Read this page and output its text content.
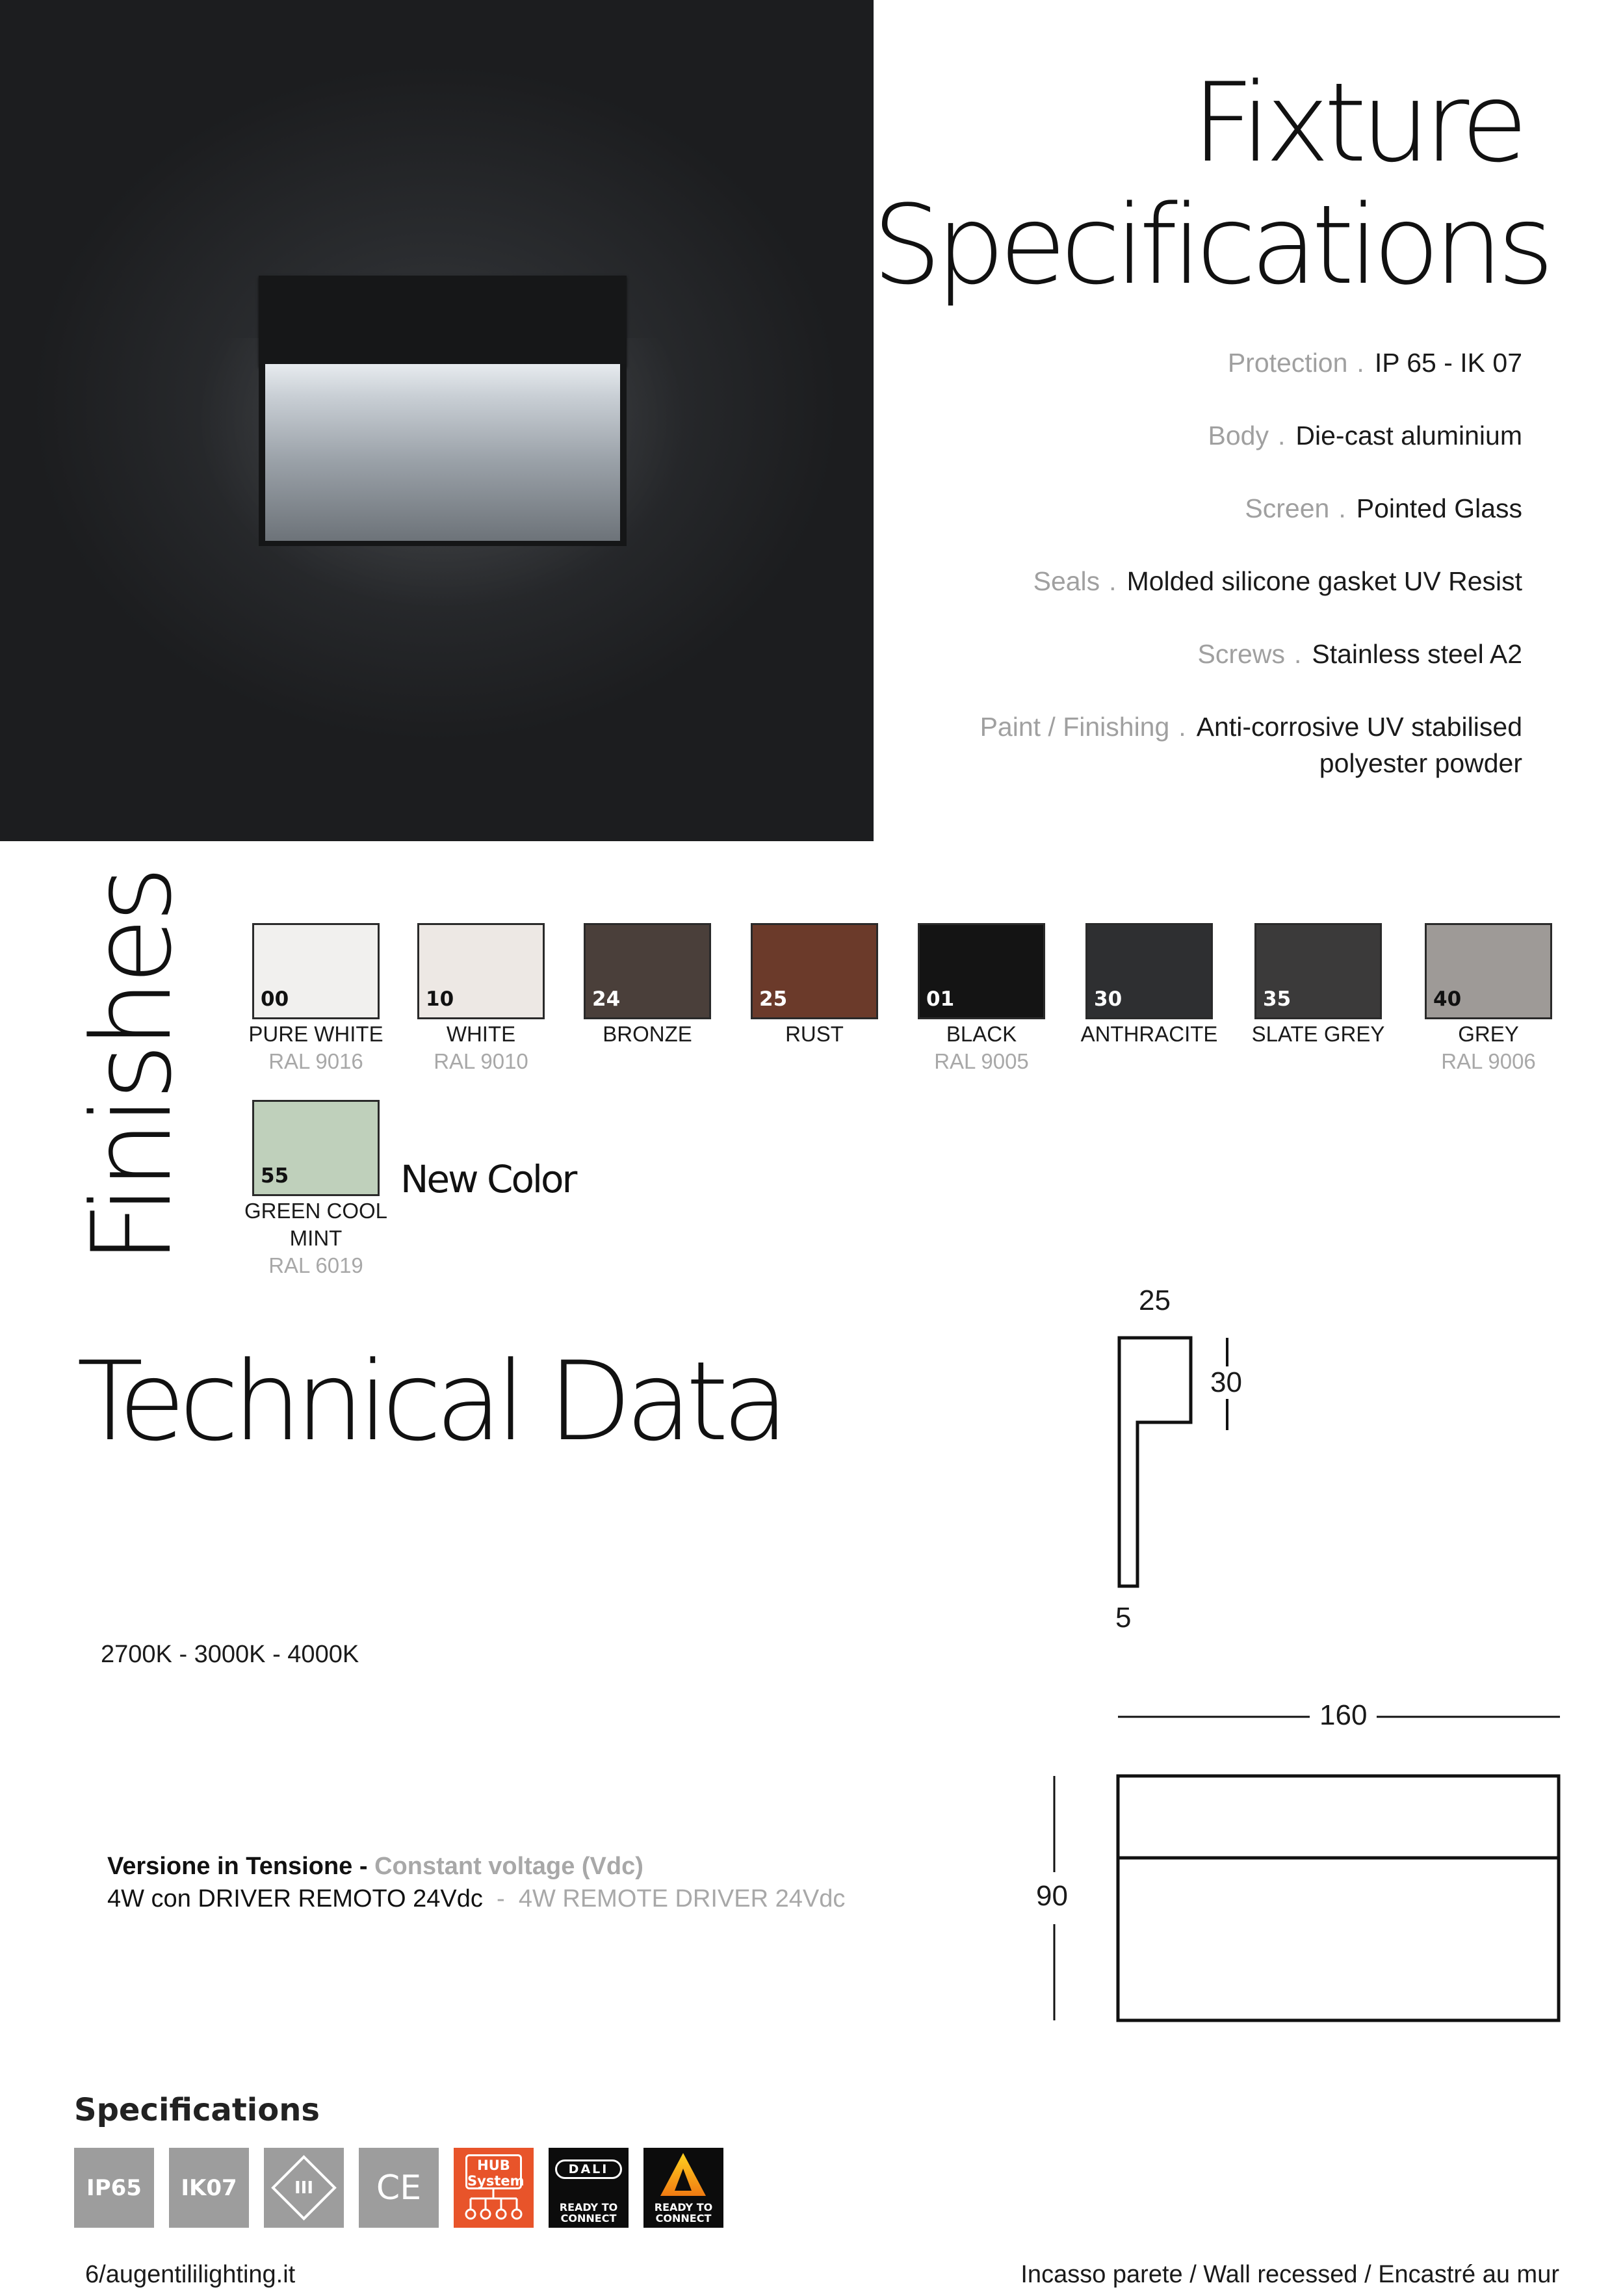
Fixture
Specifications
Protection . IP 65 - IK 07
Body . Die-cast aluminium
Screen . Pointed Glass
Seals . Molded silicone gasket UV Resist
Screws . Stainless steel A2
Paint / Finishing . Anti-corrosive UV stabilised
polyester powder
Finishes	00
PURE WHITE
RAL 9016
10
WHITE
RAL 9010
24
BRONZE
25
RUST
01
BLACK
RAL 9005
30
ANTHRACITE
35
SLATE GREY
40
GREY
RAL 9006
55
GREEN COOL
MINT
RAL 6019
New Color
Technical Data
2700K - 3000K - 4000K
Versione in Tensione - Constant voltage (Vdc)
4W con DRIVER REMOTO 24Vdc - 4W REMOTE DRIVER 24Vdc
25
30
5
160
90
Specifications
IP65 IK07	III CE
HUB System
DALI
READY TO CONNECT
READY TO CONNECT
6/augentililighting.it	Incasso parete / Wall recessed / Encastré au mur
